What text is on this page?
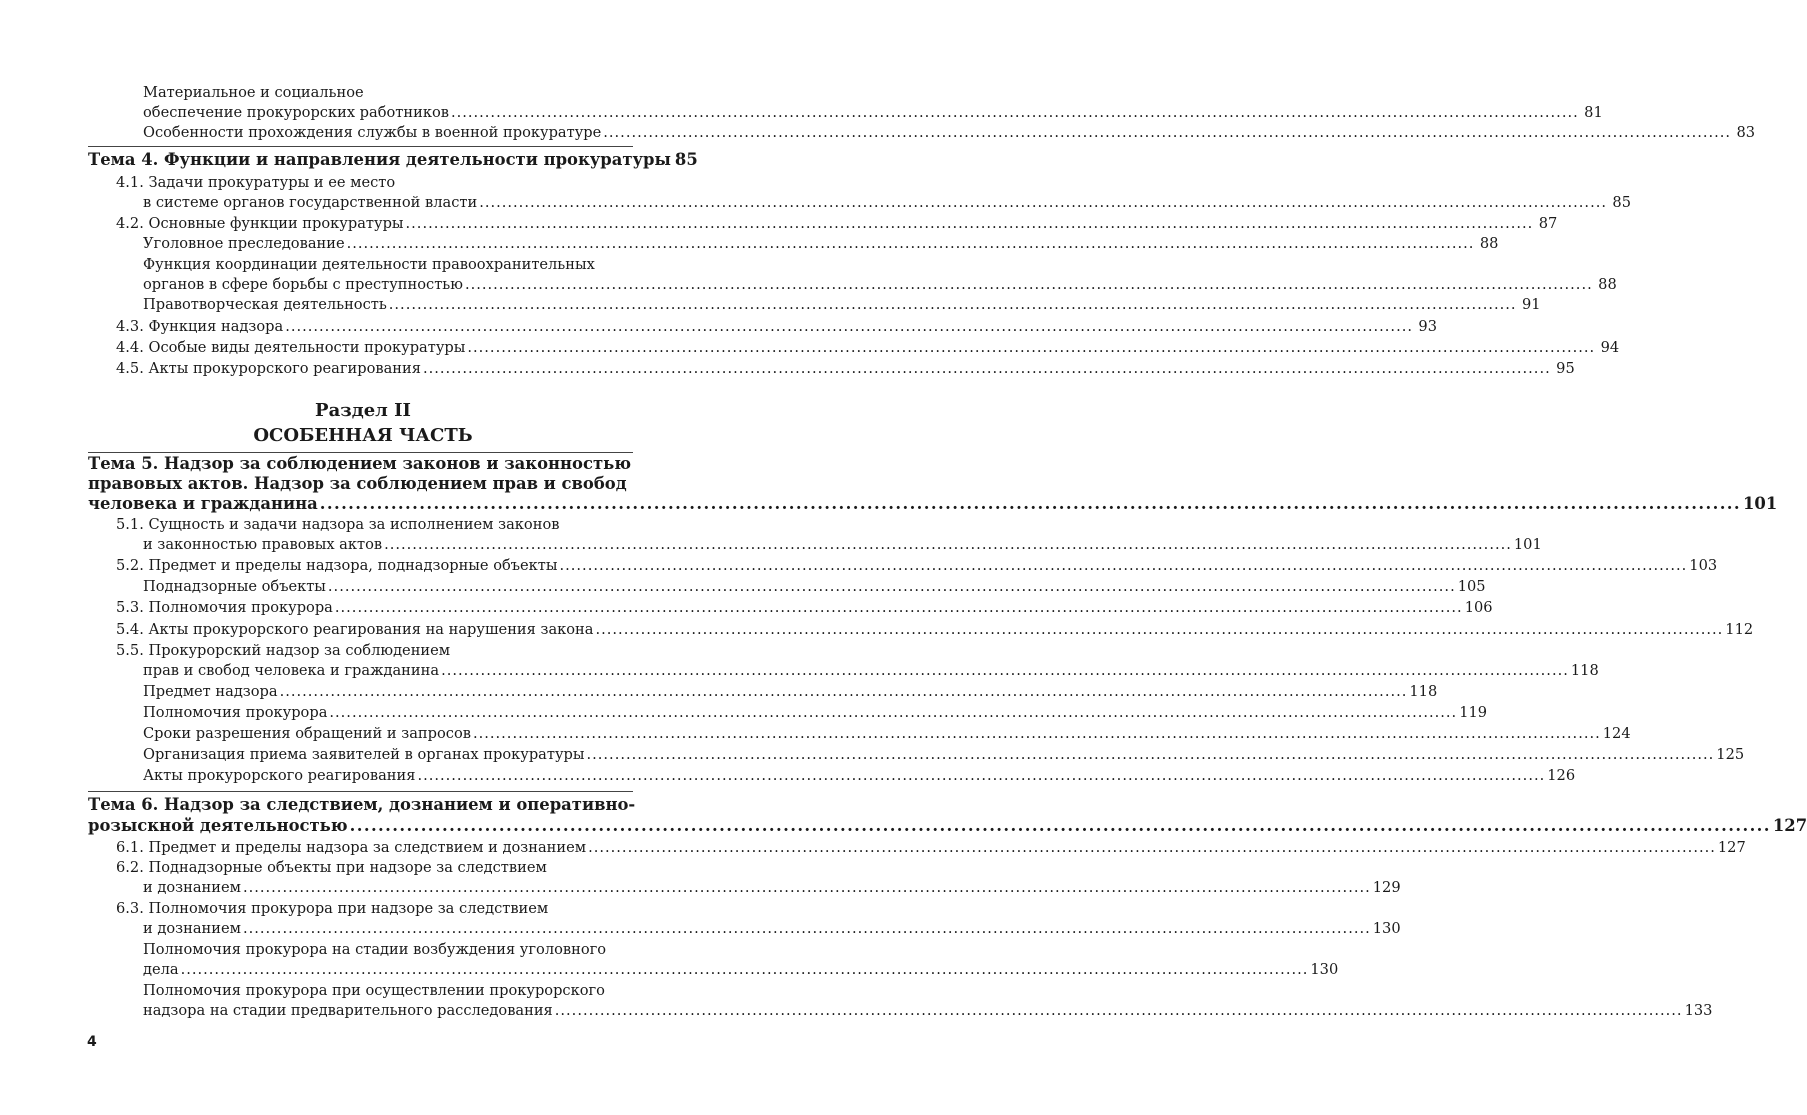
Материальное и социальное
обеспечение прокурорских работников ........................................................................................................................................................................................................ 81
Особенности прохождения службы в военной прокуратуре ........................................................................................................................................................................................................ 83
Тема 4. Функции и направления деятельности прокуратуры 85
4.1. Задачи прокуратуры и ее место
в системе органов государственной власти ........................................................................................................................................................................................................ 85
4.2. Основные функции прокуратуры ........................................................................................................................................................................................................ 87
Уголовное преследование ........................................................................................................................................................................................................ 88
Функция координации деятельности правоохранительных
органов в сфере борьбы с преступностью ........................................................................................................................................................................................................ 88
Правотворческая деятельность ........................................................................................................................................................................................................ 91
4.3. Функция надзора ........................................................................................................................................................................................................ 93
4.4. Особые виды деятельности прокуратуры ........................................................................................................................................................................................................ 94
4.5. Акты прокурорского реагирования ........................................................................................................................................................................................................ 95
Раздел II
ОСОБЕННАЯ ЧАСТЬ
Тема 5. Надзор за соблюдением законов и законностью
правовых актов. Надзор за соблюдением прав и свобод
человека и гражданина ........................................................................................................................................................................................................ 101
5.1. Сущность и задачи надзора за исполнением законов
и законностью правовых актов ........................................................................................................................................................................................................ 101
5.2. Предмет и пределы надзора, поднадзорные объекты ........................................................................................................................................................................................................ 103
Поднадзорные объекты ........................................................................................................................................................................................................ 105
5.3. Полномочия прокурора ........................................................................................................................................................................................................ 106
5.4. Акты прокурорского реагирования на нарушения закона ........................................................................................................................................................................................................ 112
5.5. Прокурорский надзор за соблюдением
прав и свобод человека и гражданина ........................................................................................................................................................................................................ 118
Предмет надзора ........................................................................................................................................................................................................ 118
Полномочия прокурора ........................................................................................................................................................................................................ 119
Сроки разрешения обращений и запросов ........................................................................................................................................................................................................ 124
Организация приема заявителей в органах прокуратуры ........................................................................................................................................................................................................ 125
Акты прокурорского реагирования ........................................................................................................................................................................................................ 126
Тема 6. Надзор за следствием, дознанием и оперативно-
розыскной деятельностью ........................................................................................................................................................................................................ 127
6.1. Предмет и пределы надзора за следствием и дознанием ........................................................................................................................................................................................................ 127
6.2. Поднадзорные объекты при надзоре за следствием
и дознанием ........................................................................................................................................................................................................ 129
6.3. Полномочия прокурора при надзоре за следствием
и дознанием ........................................................................................................................................................................................................ 130
Полномочия прокурора на стадии возбуждения уголовного
дела ........................................................................................................................................................................................................ 130
Полномочия прокурора при осуществлении прокурорского
надзора на стадии предварительного расследования ........................................................................................................................................................................................................ 133
4
